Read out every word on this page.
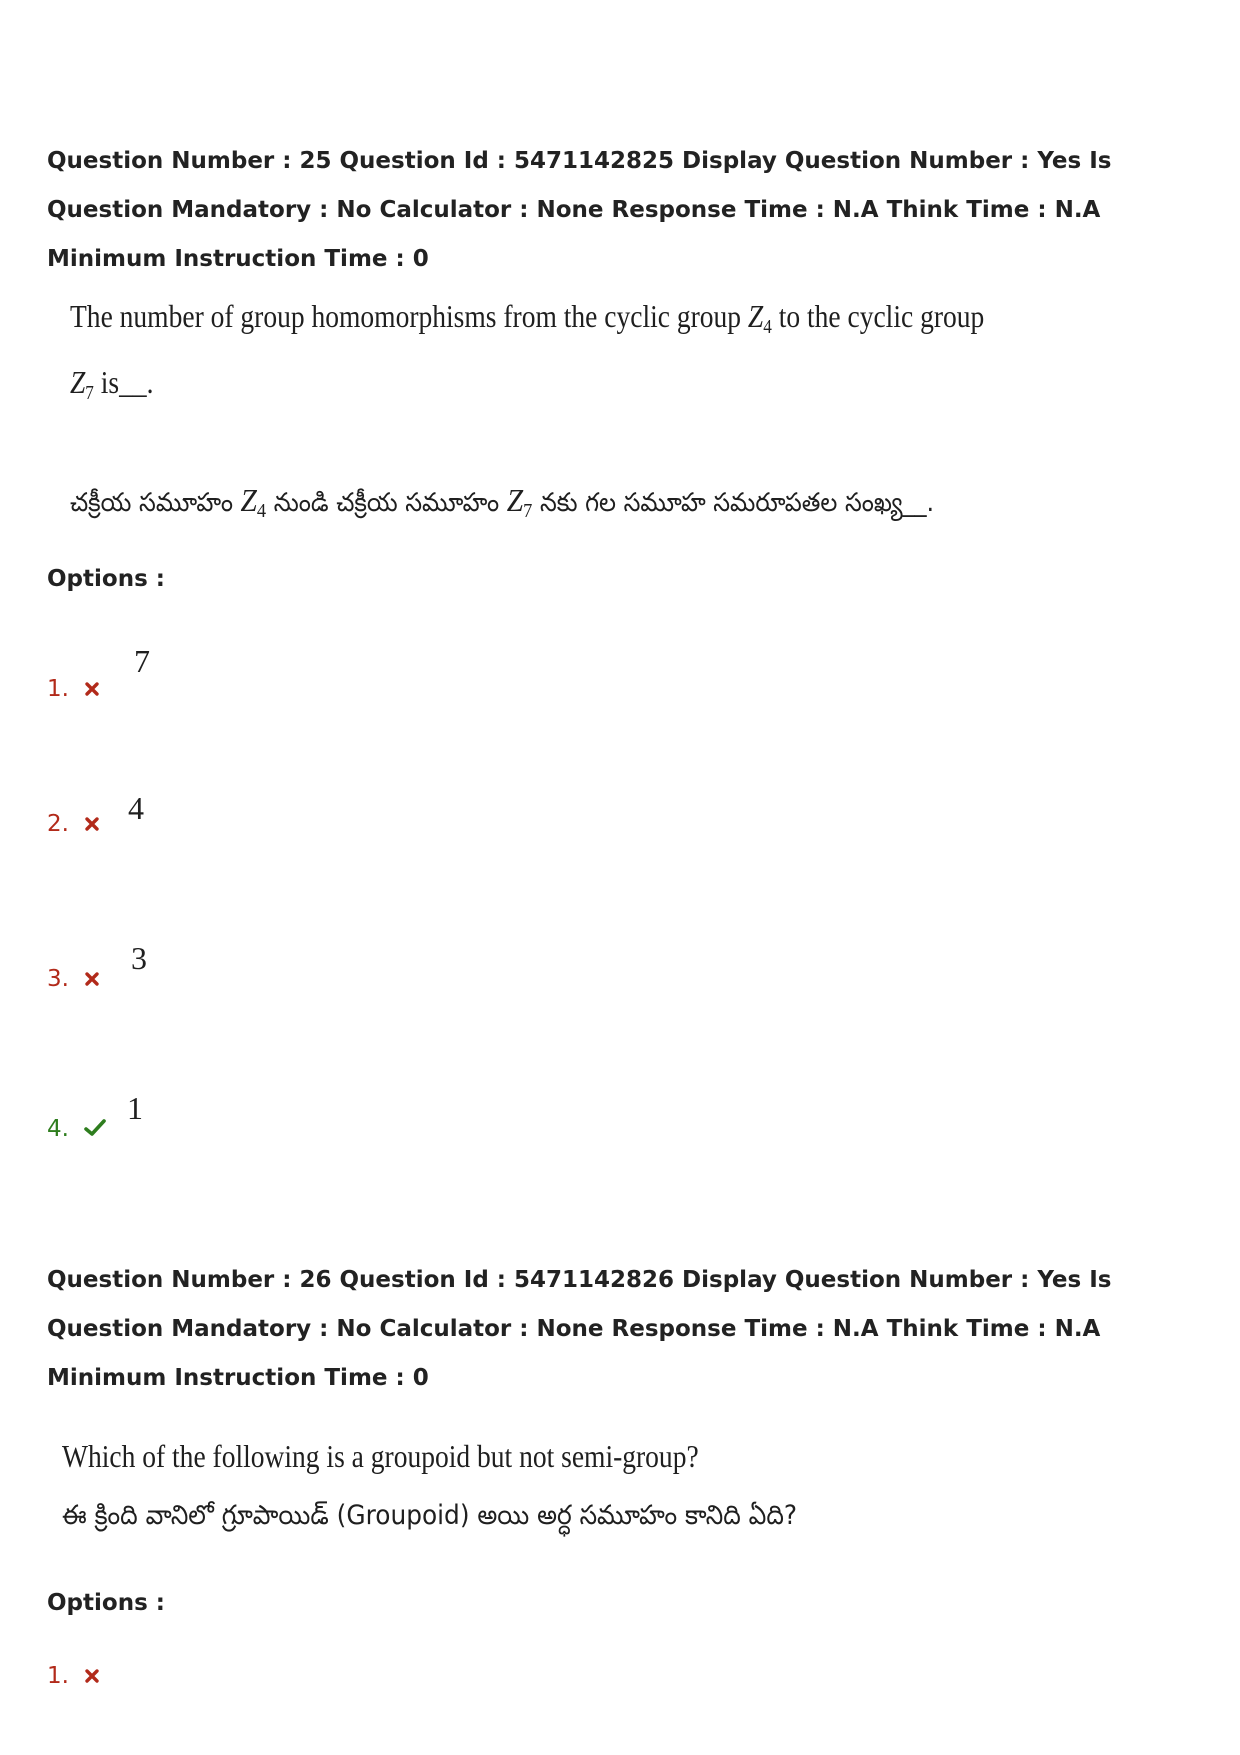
Question Number : 25 Question Id : 5471142825 Display Question Number : Yes Is Question Mandatory : No Calculator : None Response Time : N.A Think Time : N.A Minimum Instruction Time : 0
The number of group homomorphisms from the cyclic group $Z_4$ to the cyclic group
$Z_7$ is__.
చక్రీయ సమూహం $Z_4$ నుండి చక్రీయ సమూహం $Z_7$ నకు గల సమూహ సమరూపతల సంఖ్య__.
Options :
1.
7
2.	4
3.
3
4.
1
Question Number : 26 Question Id : 5471142826 Display Question Number : Yes Is Question Mandatory : No Calculator : None Response Time : N.A Think Time : N.A Minimum Instruction Time : 0
Which of the following is a groupoid but not semi-group?
ఈ క్రింది వానిలో గ్రూపాయిడ్ (Groupoid) అయి అర్ధ సమూహం కానిది ఏది?
Options :
1.
